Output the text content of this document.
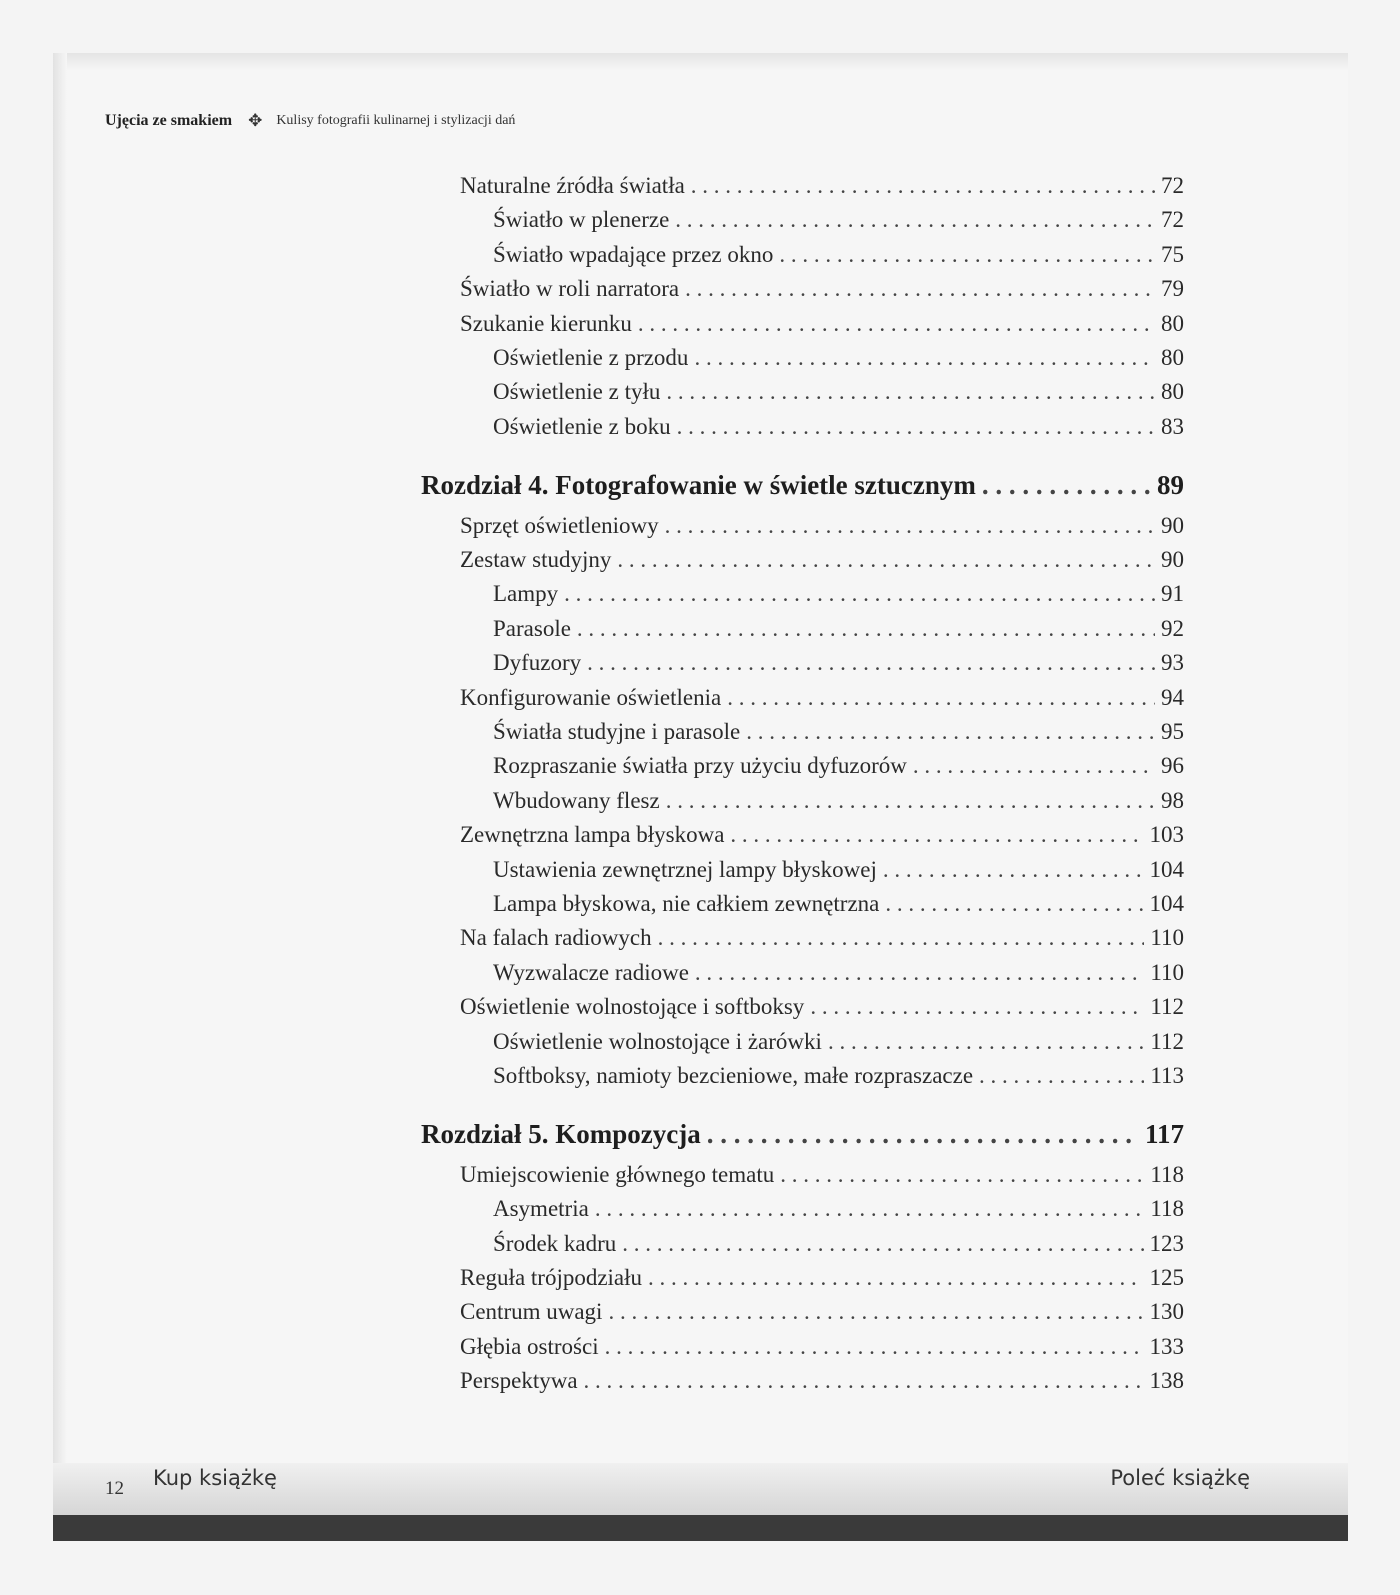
Ujęcia ze smakiem ✥ Kulisy fotografii kulinarnej i stylizacji dań
Naturalne źródła światła . . .	72
Światło w plenerze . . .	72
Światło wpadające przez okno . . .	75
Światło w roli narratora . . .	79
Szukanie kierunku . . .	80
Oświetlenie z przodu . . .	80
Oświetlenie z tyłu . . .	80
Oświetlenie z boku . . .	83
Rozdział 4. Fotografowanie w świetle sztucznym . . .	89
Sprzęt oświetleniowy . . .	90
Zestaw studyjny . . .	90
Lampy . . .	91
Parasole . . .	92
Dyfuzory . . .	93
Konfigurowanie oświetlenia . . .	94
Światła studyjne i parasole . . .	95
Rozpraszanie światła przy użyciu dyfuzorów . . .	96
Wbudowany flesz . . .	98
Zewnętrzna lampa błyskowa . . .	103
Ustawienia zewnętrznej lampy błyskowej . . .	104
Lampa błyskowa, nie całkiem zewnętrzna . . .	104
Na falach radiowych . . .	110
Wyzwalacze radiowe . . .	110
Oświetlenie wolnostojące i softboksy . . .	112
Oświetlenie wolnostojące i żarówki . . .	112
Softboksy, namioty bezcieniowe, małe rozpraszacze . . .	113
Rozdział 5. Kompozycja . . .	117
Umiejscowienie głównego tematu . . .	118
Asymetria . . .	118
Środek kadru . . .	123
Reguła trójpodziału . . .	125
Centrum uwagi . . .	130
Głębia ostrości . . .	133
Perspektywa . . .	138
12 Kup książkę	Poleć książkę
